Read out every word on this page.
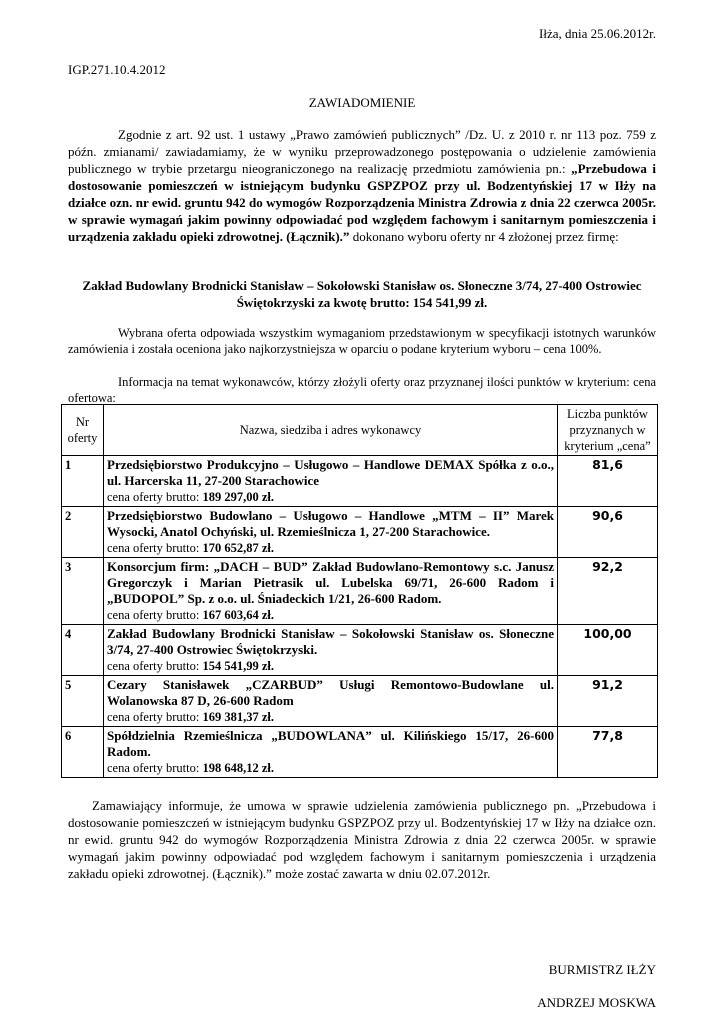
Iłża, dnia 25.06.2012r.
IGP.271.10.4.2012
ZAWIADOMIENIE
Zgodnie z art. 92 ust. 1 ustawy „Prawo zamówień publicznych” /Dz. U. z 2010 r. nr 113 poz. 759 z późn. zmianami/ zawiadamiamy, że w wyniku przeprowadzonego postępowania o udzielenie zamówienia publicznego w trybie przetargu nieograniczonego na realizację przedmiotu zamówienia pn.: „Przebudowa i dostosowanie pomieszczeń w istniejącym budynku GSPZPOZ przy ul. Bodzentyńskiej 17 w Iłży na działce ozn. nr ewid. gruntu 942 do wymogów Rozporządzenia Ministra Zdrowia z dnia 22 czerwca 2005r. w sprawie wymagań jakim powinny odpowiadać pod względem fachowym i sanitarnym pomieszczenia i urządzenia zakładu opieki zdrowotnej. (Łącznik).” dokonano wyboru oferty nr 4 złożonej przez firmę:
Zakład Budowlany Brodnicki Stanisław – Sokołowski Stanisław os. Słoneczne 3/74, 27-400 Ostrowiec Świętokrzyski za kwotę brutto: 154 541,99 zł.
Wybrana oferta odpowiada wszystkim wymaganiom przedstawionym w specyfikacji istotnych warunków zamówienia i została oceniona jako najkorzystniejsza w oparciu o podane kryterium wyboru – cena 100%.
Informacja na temat wykonawców, którzy złożyli oferty oraz przyznanej ilości punktów w kryterium: cena ofertowa:
Nr oferty	Nazwa, siedziba i adres wykonawcy	Liczba punktów przyznanych w kryterium „cena”
1	Przedsiębiorstwo Produkcyjno – Usługowo – Handlowe DEMAX Spółka z o.o., ul. Harcerska 11, 27-200 Starachowice
cena oferty brutto: 189 297,00 zł.	81,6
2	Przedsiębiorstwo Budowlano – Usługowo – Handlowe „MTM – II” Marek Wysocki, Anatol Ochyński, ul. Rzemieślnicza 1, 27-200 Starachowice.
cena oferty brutto: 170 652,87 zł.	90,6
3	Konsorcjum firm: „DACH – BUD” Zakład Budowlano-Remontowy s.c. Janusz Gregorczyk i Marian Pietrasik ul. Lubelska 69/71, 26-600 Radom i „BUDOPOL” Sp. z o.o. ul. Śniadeckich 1/21, 26-600 Radom.
cena oferty brutto: 167 603,64 zł.	92,2
4	Zakład Budowlany Brodnicki Stanisław – Sokołowski Stanisław os. Słoneczne 3/74, 27-400 Ostrowiec Świętokrzyski.
cena oferty brutto: 154 541,99 zł.	100,00
5	Cezary Stanisławek „CZARBUD” Usługi Remontowo-Budowlane ul. Wolanowska 87 D, 26-600 Radom
cena oferty brutto: 169 381,37 zł.	91,2
6	Spółdzielnia Rzemieślnicza „BUDOWLANA” ul. Kilińskiego 15/17, 26-600 Radom.
cena oferty brutto: 198 648,12 zł.	77,8
Zamawiający informuje, że umowa w sprawie udzielenia zamówienia publicznego pn. „Przebudowa i dostosowanie pomieszczeń w istniejącym budynku GSPZPOZ przy ul. Bodzentyńskiej 17 w Iłży na działce ozn. nr ewid. gruntu 942 do wymogów Rozporządzenia Ministra Zdrowia z dnia 22 czerwca 2005r. w sprawie wymagań jakim powinny odpowiadać pod względem fachowym i sanitarnym pomieszczenia i urządzenia zakładu opieki zdrowotnej. (Łącznik).” może zostać zawarta w dniu 02.07.2012r.
BURMISTRZ IŁŻY
ANDRZEJ MOSKWA
